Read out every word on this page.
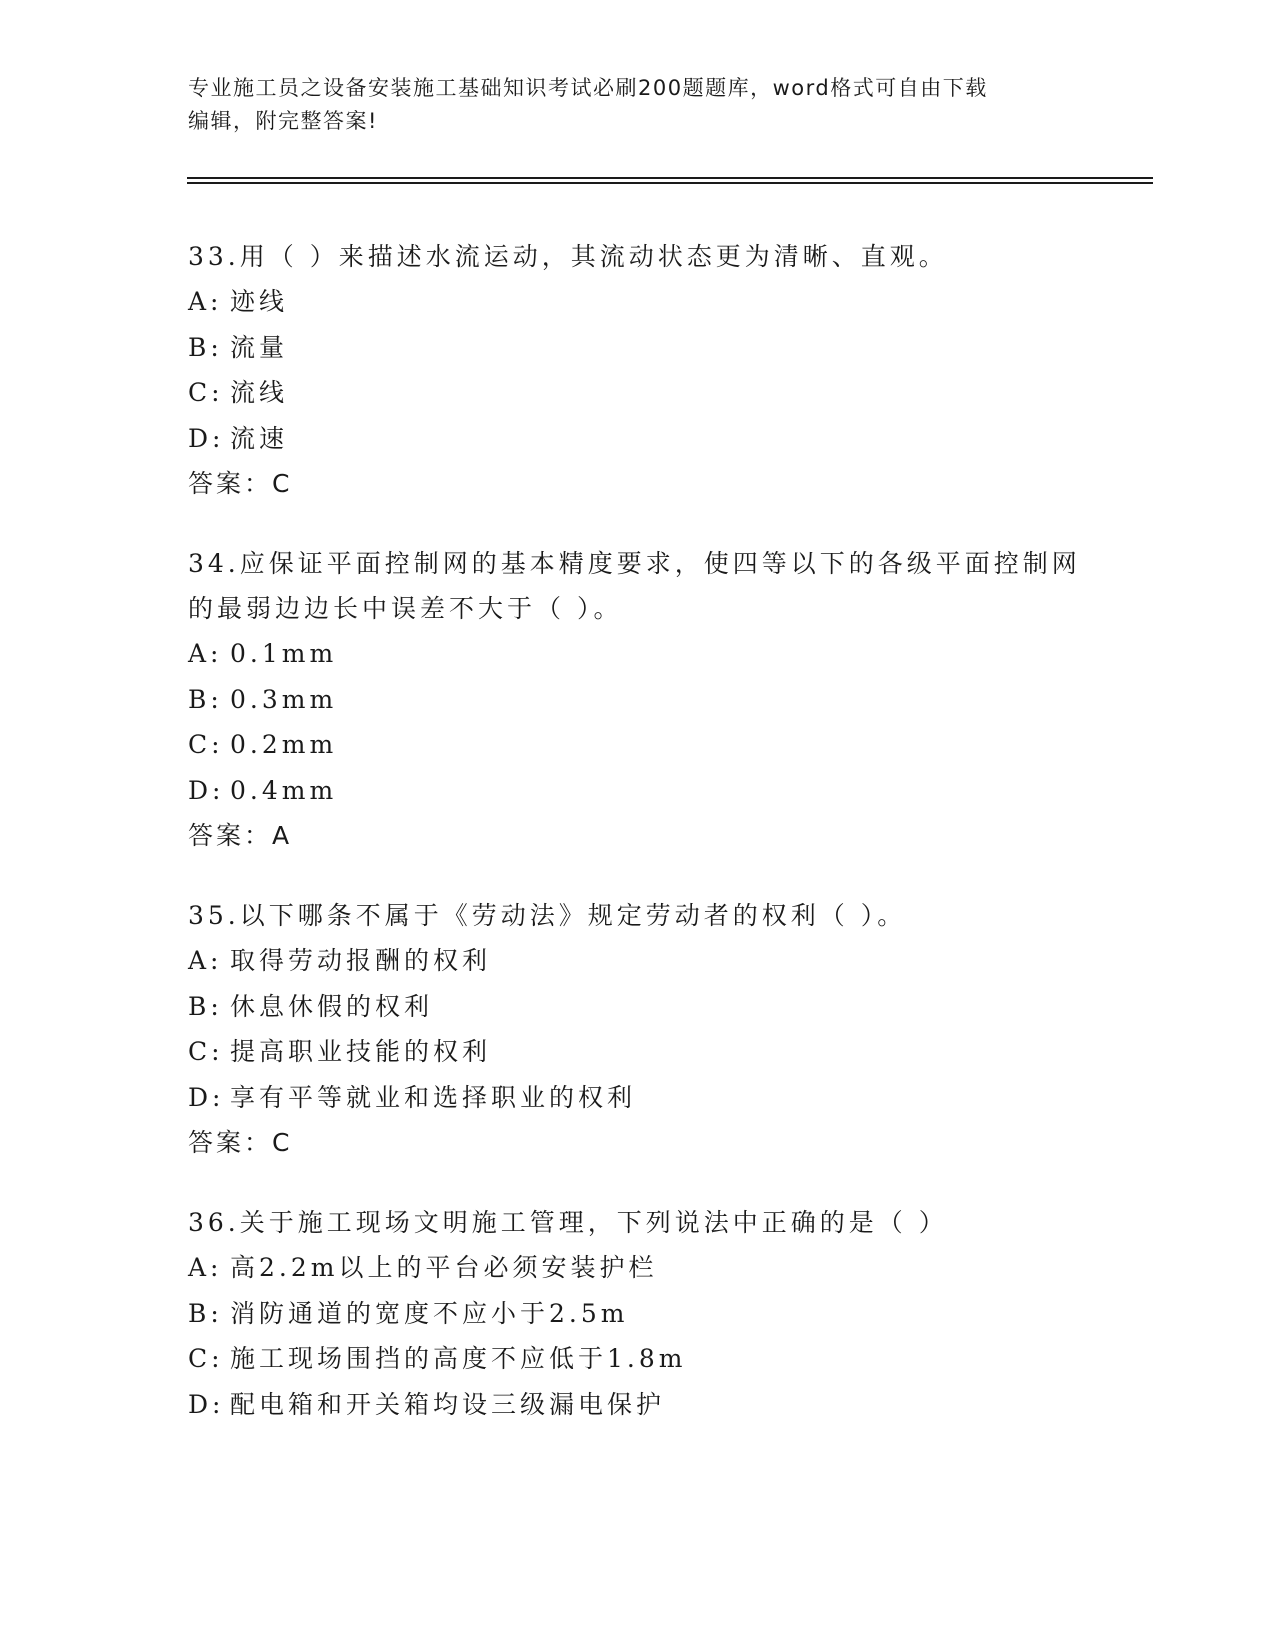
专业施工员之设备安装施工基础知识考试必刷200题题库，word格式可自由下载
编辑，附完整答案!

33.用（ ）来描述水流运动，其流动状态更为清晰、直观。

A: 迹线

B: 流量

C: 流线

D: 流速

答案：C

34.应保证平面控制网的基本精度要求，使四等以下的各级平面控制网的最弱边边长中误差不大于（ ）。

A: 0.1mm

B: 0.3mm

C: 0.2mm

D: 0.4mm

答案：A

35.以下哪条不属于《劳动法》规定劳动者的权利（ ）。

A: 取得劳动报酬的权利

B: 休息休假的权利

C: 提高职业技能的权利

D: 享有平等就业和选择职业的权利

答案：C

36.关于施工现场文明施工管理，下列说法中正确的是（ ）

A: 高2.2m以上的平台必须安装护栏

B: 消防通道的宽度不应小于2.5m

C: 施工现场围挡的高度不应低于1.8m

D: 配电箱和开关箱均设三级漏电保护
